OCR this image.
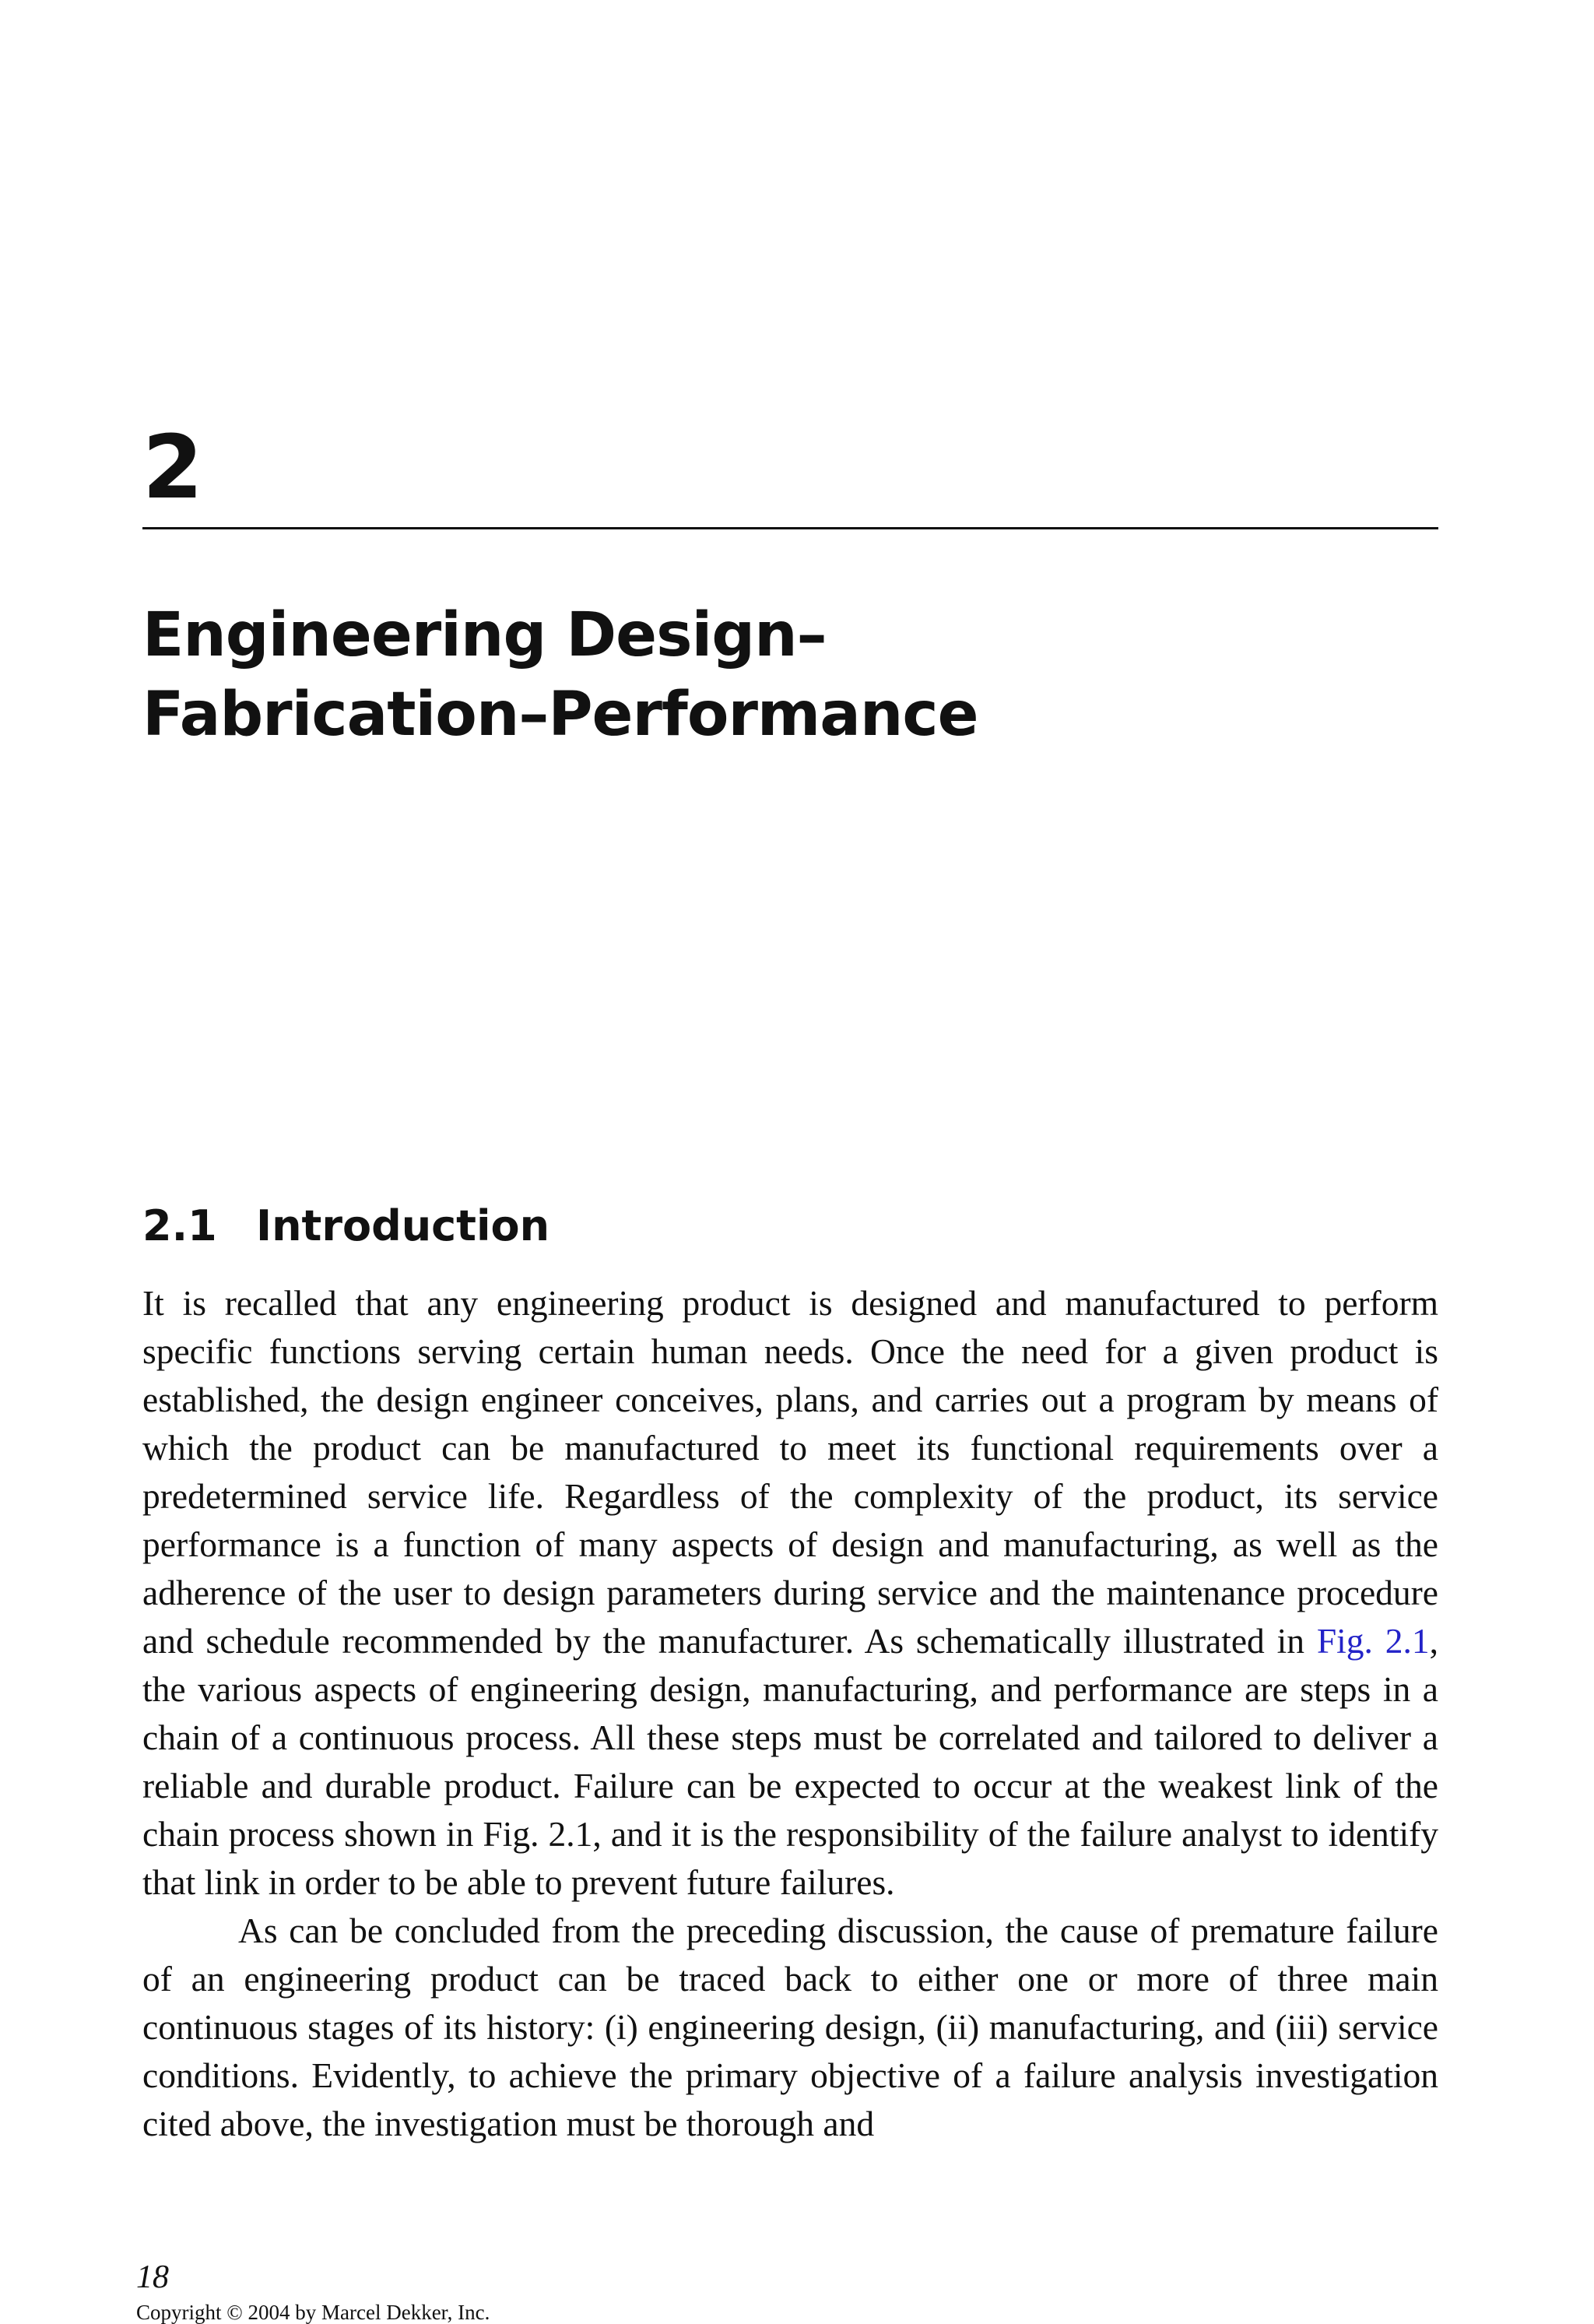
2
Engineering Design–
Fabrication–Performance
2.1 Introduction

It is recalled that any engineering product is designed and manufactured to perform specific functions serving certain human needs. Once the need for a given product is established, the design engineer conceives, plans, and carries out a program by means of which the product can be manufactured to meet its functional requirements over a predetermined service life. Regardless of the complexity of the product, its service performance is a function of many aspects of design and manufacturing, as well as the adherence of the user to design parameters during service and the maintenance procedure and schedule recommended by the manufacturer. As schematically illustrated in Fig. 2.1, the various aspects of engineering design, manufacturing, and performance are steps in a chain of a continuous process. All these steps must be correlated and tailored to deliver a reliable and durable product. Failure can be expected to occur at the weakest link of the chain process shown in Fig. 2.1, and it is the responsibility of the failure analyst to identify that link in order to be able to prevent future failures.

As can be concluded from the preceding discussion, the cause of premature failure of an engineering product can be traced back to either one or more of three main continuous stages of its history: (i) engineering design, (ii) manufacturing, and (iii) service conditions. Evidently, to achieve the primary objective of a failure analysis investigation cited above, the investigation must be thorough and

18
Copyright © 2004 by Marcel Dekker, Inc.
